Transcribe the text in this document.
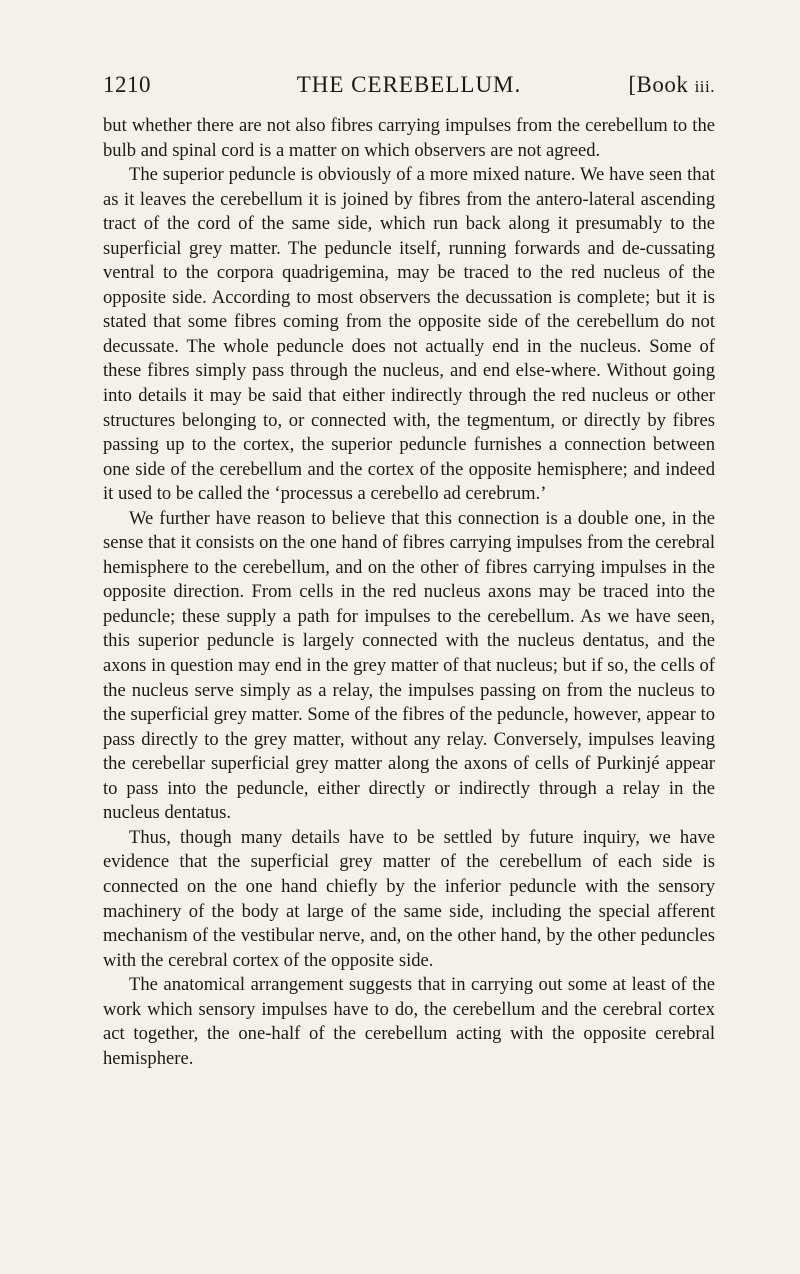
1210	THE CEREBELLUM.	[Book iii.

but whether there are not also fibres carrying impulses from the cerebellum to the bulb and spinal cord is a matter on which observers are not agreed.

The superior peduncle is obviously of a more mixed nature. We have seen that as it leaves the cerebellum it is joined by fibres from the antero-lateral ascending tract of the cord of the same side, which run back along it presumably to the superficial grey matter. The peduncle itself, running forwards and de-cussating ventral to the corpora quadrigemina, may be traced to the red nucleus of the opposite side. According to most observers the decussation is complete; but it is stated that some fibres coming from the opposite side of the cerebellum do not decussate. The whole peduncle does not actually end in the nucleus. Some of these fibres simply pass through the nucleus, and end else-where. Without going into details it may be said that either indirectly through the red nucleus or other structures belonging to, or connected with, the tegmentum, or directly by fibres passing up to the cortex, the superior peduncle furnishes a connection between one side of the cerebellum and the cortex of the opposite hemisphere; and indeed it used to be called the ‘processus a cerebello ad cerebrum.’

We further have reason to believe that this connection is a double one, in the sense that it consists on the one hand of fibres carrying impulses from the cerebral hemisphere to the cerebellum, and on the other of fibres carrying impulses in the opposite direction. From cells in the red nucleus axons may be traced into the peduncle; these supply a path for impulses to the cerebellum. As we have seen, this superior peduncle is largely connected with the nucleus dentatus, and the axons in question may end in the grey matter of that nucleus; but if so, the cells of the nucleus serve simply as a relay, the impulses passing on from the nucleus to the superficial grey matter. Some of the fibres of the peduncle, however, appear to pass directly to the grey matter, without any relay. Conversely, impulses leaving the cerebellar superficial grey matter along the axons of cells of Purkinjé appear to pass into the peduncle, either directly or indirectly through a relay in the nucleus dentatus.

Thus, though many details have to be settled by future inquiry, we have evidence that the superficial grey matter of the cerebellum of each side is connected on the one hand chiefly by the inferior peduncle with the sensory machinery of the body at large of the same side, including the special afferent mechanism of the vestibular nerve, and, on the other hand, by the other peduncles with the cerebral cortex of the opposite side.

The anatomical arrangement suggests that in carrying out some at least of the work which sensory impulses have to do, the cerebellum and the cerebral cortex act together, the one-half of the cerebellum acting with the opposite cerebral hemisphere.
